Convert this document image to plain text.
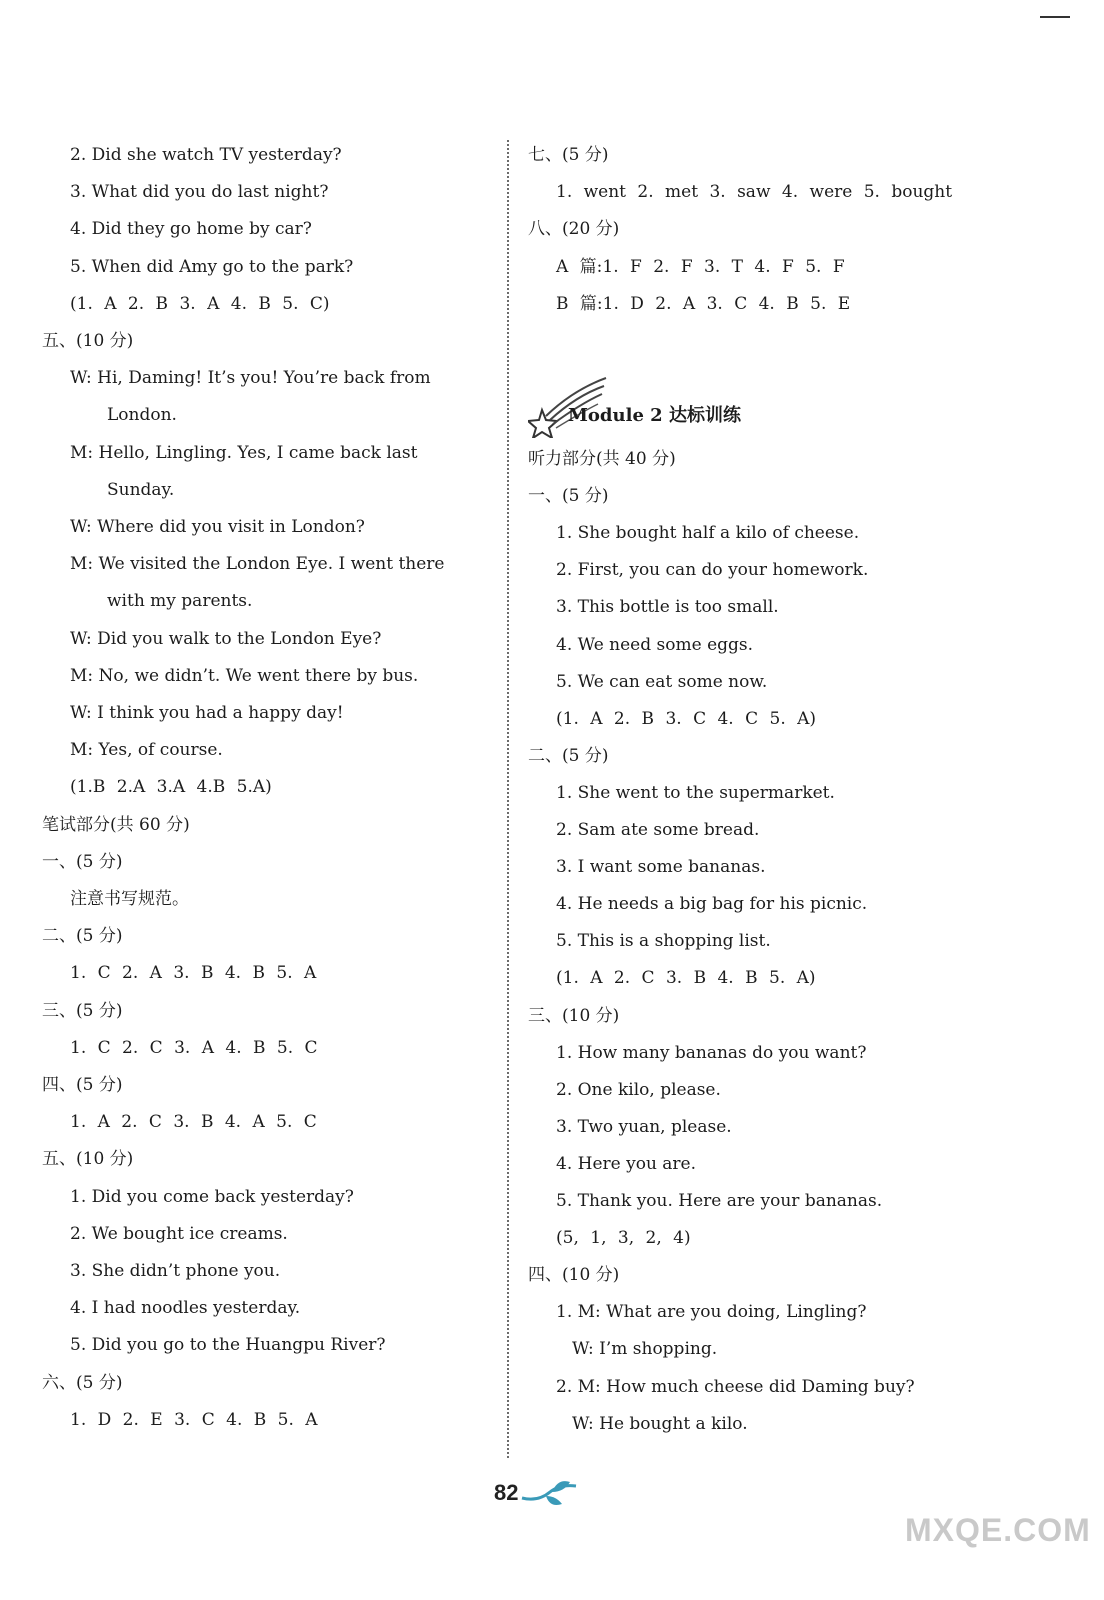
2. Did she watch TV yesterday?
3. What did you do last night?
4. Did they go home by car?
5. When did Amy go to the park?
(1. A 2. B 3. A 4. B 5. C)
五、(10 分)
W: Hi, Daming! It’s you! You’re back from
London.
M: Hello, Lingling. Yes, I came back last
Sunday.
W: Where did you visit in London?
M: We visited the London Eye. I went there
with my parents.
W: Did you walk to the London Eye?
M: No, we didn’t. We went there by bus.
W: I think you had a happy day!
M: Yes, of course.
(1.B 2.A 3.A 4.B 5.A)
笔试部分(共 60 分)
一、(5 分)
注意书写规范。
二、(5 分)
1. C 2. A 3. B 4. B 5. A
三、(5 分)
1. C 2. C 3. A 4. B 5. C
四、(5 分)
1. A 2. C 3. B 4. A 5. C
五、(10 分)
1. Did you come back yesterday?
2. We bought ice creams.
3. She didn’t phone you.
4. I had noodles yesterday.
5. Did you go to the Huangpu River?
六、(5 分)
1. D 2. E 3. C 4. B 5. A
七、(5 分)
1. went 2. met 3. saw 4. were 5. bought
八、(20 分)
A 篇:1. F 2. F 3. T 4. F 5. F
B 篇:1. D 2. A 3. C 4. B 5. E
Module 2 达标训练
听力部分(共 40 分)
一、(5 分)
1. She bought half a kilo of cheese.
2. First, you can do your homework.
3. This bottle is too small.
4. We need some eggs.
5. We can eat some now.
(1. A 2. B 3. C 4. C 5. A)
二、(5 分)
1. She went to the supermarket.
2. Sam ate some bread.
3. I want some bananas.
4. He needs a big bag for his picnic.
5. This is a shopping list.
(1. A 2. C 3. B 4. B 5. A)
三、(10 分)
1. How many bananas do you want?
2. One kilo, please.
3. Two yuan, please.
4. Here you are.
5. Thank you. Here are your bananas.
(5, 1, 3, 2, 4)
四、(10 分)
1. M: What are you doing, Lingling?
W: I’m shopping.
2. M: How much cheese did Daming buy?
W: He bought a kilo.
82
MXQE.COM
